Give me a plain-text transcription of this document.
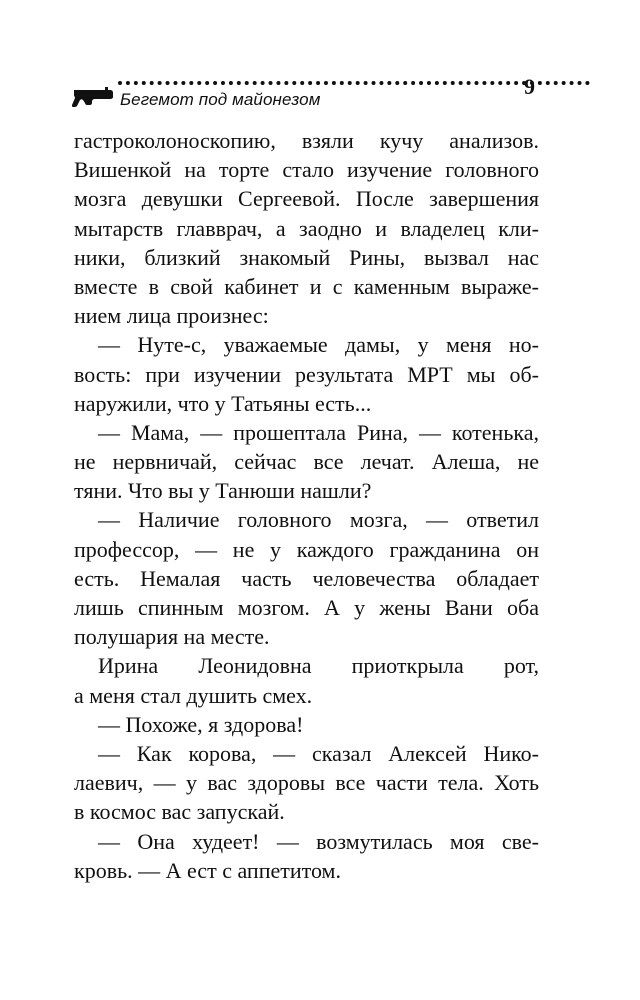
Бегемот под майонезом
9
гастроколоноскопию, взяли кучу анализов.
Вишенкой на торте стало изучение головного
мозга девушки Сергеевой. После завершения
мытарств главврач, а заодно и владелец кли-
ники, близкий знакомый Рины, вызвал нас
вместе в свой кабинет и с каменным выраже-
нием лица произнес:
— Нуте-с, уважаемые дамы, у меня но-
вость: при изучении результата МРТ мы об-
наружили, что у Татьяны есть...
— Мама, — прошептала Рина, — котенька,
не нервничай, сейчас все лечат. Алеша, не
тяни. Что вы у Танюши нашли?
— Наличие головного мозга, — ответил
профессор, — не у каждого гражданина он
есть. Немалая часть человечества обладает
лишь спинным мозгом. А у жены Вани оба
полушария на месте.
Ирина Леонидовна приоткрыла рот,
а меня стал душить смех.
— Похоже, я здорова!
— Как корова, — сказал Алексей Нико-
лаевич, — у вас здоровы все части тела. Хоть
в космос вас запускай.
— Она худеет! — возмутилась моя све-
кровь. — А ест с аппетитом.
